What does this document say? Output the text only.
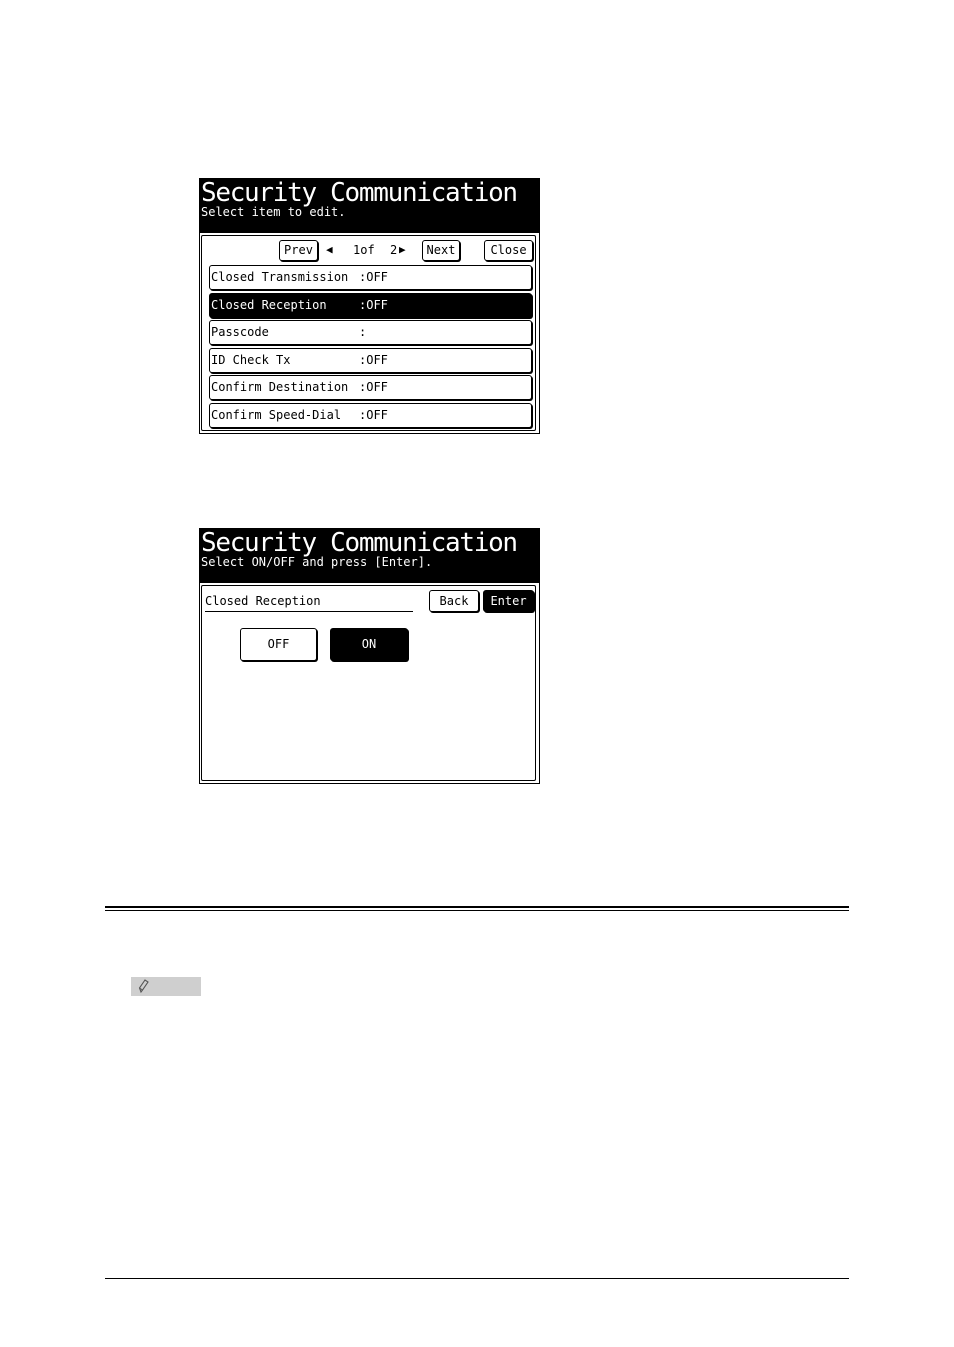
Security Communication
Select item to edit.
Prev	◀ 1of 2 ▶	Next	Close
Closed Transmission :OFF
Closed Reception	:OFF
Passcode	:
ID Check Tx	:OFF
Confirm Destination :OFF
Confirm Speed-Dial :OFF
Security Communication
Select ON/OFF and press [Enter].
Closed Reception	Back	Enter
OFF	ON
